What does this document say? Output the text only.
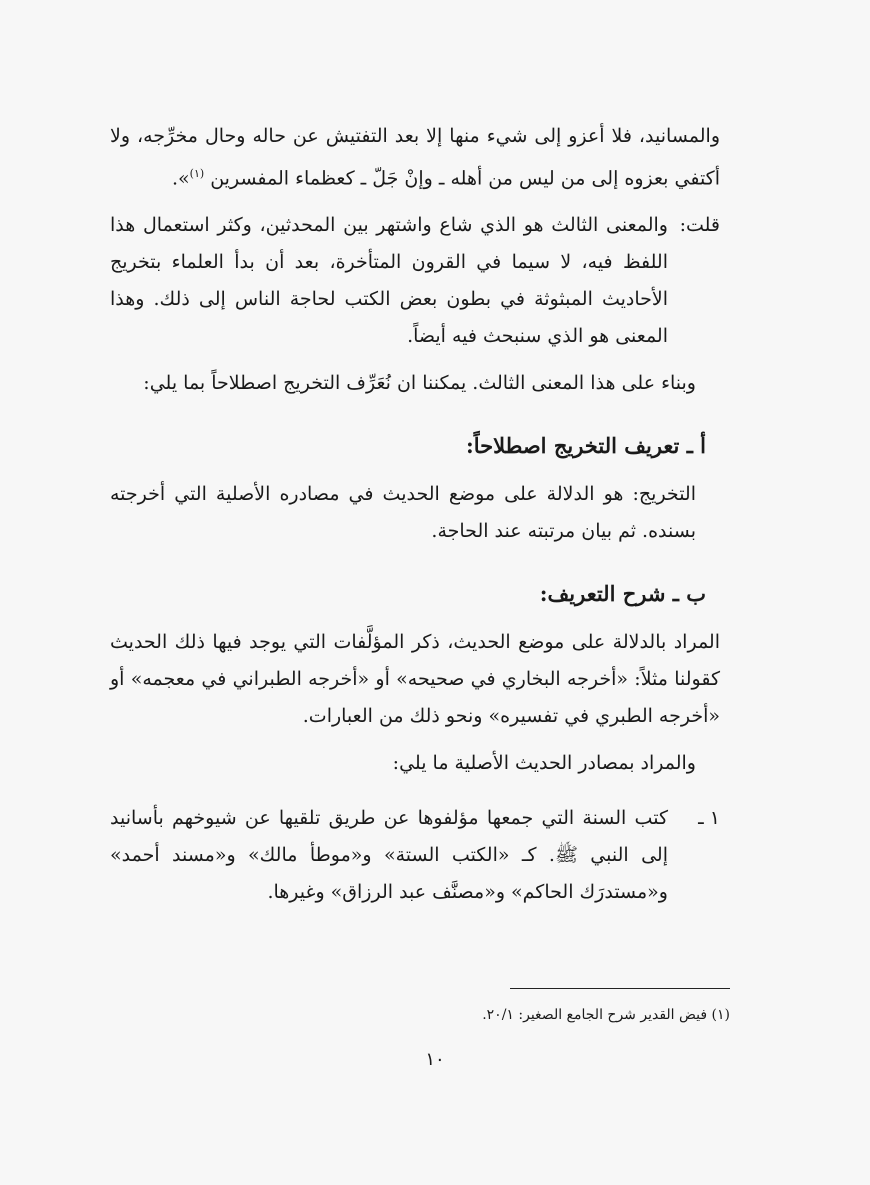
والمسانيد، فلا أعزو إلى شيء منها إلا بعد التفتيش عن حاله وحال مخرِّجه، ولا أكتفي بعزوه إلى من ليس من أهله ـ وإنْ جَلّ ـ كعظماء المفسرين $^{(١)}$».

قلت:
والمعنى الثالث هو الذي شاع واشتهر بين المحدثين، وكثر استعمال هذا اللفظ فيه، لا سيما في القرون المتأخرة، بعد أن بدأ العلماء بتخريج الأحاديث المبثوثة في بطون بعض الكتب لحاجة الناس إلى ذلك. وهذا المعنى هو الذي سنبحث فيه أيضاً.

وبناء على هذا المعنى الثالث. يمكننا ان نُعَرِّف التخريج اصطلاحاً بما يلي:

أ ـ تعريف التخريج اصطلاحاً:

التخريج: هو الدلالة على موضع الحديث في مصادره الأصلية التي أخرجته بسنده. ثم بيان مرتبته عند الحاجة.

ب ـ شرح التعريف:

المراد بالدلالة على موضع الحديث، ذكر المؤلَّفات التي يوجد فيها ذلك الحديث كقولنا مثلاً: «أخرجه البخاري في صحيحه» أو «أخرجه الطبراني في معجمه» أو «أخرجه الطبري في تفسيره» ونحو ذلك من العبارات.

والمراد بمصادر الحديث الأصلية ما يلي:

١ ـ
كتب السنة التي جمعها مؤلفوها عن طريق تلقيها عن شيوخهم بأسانيد إلى النبي ﷺ. كـ «الكتب الستة» و«موطأ مالك» و«مسند أحمد» و«مستدرَك الحاكم» و«مصنَّف عبد الرزاق» وغيرها.

(١) فيض القدير شرح الجامع الصغير: ٢٠/١.
١٠
